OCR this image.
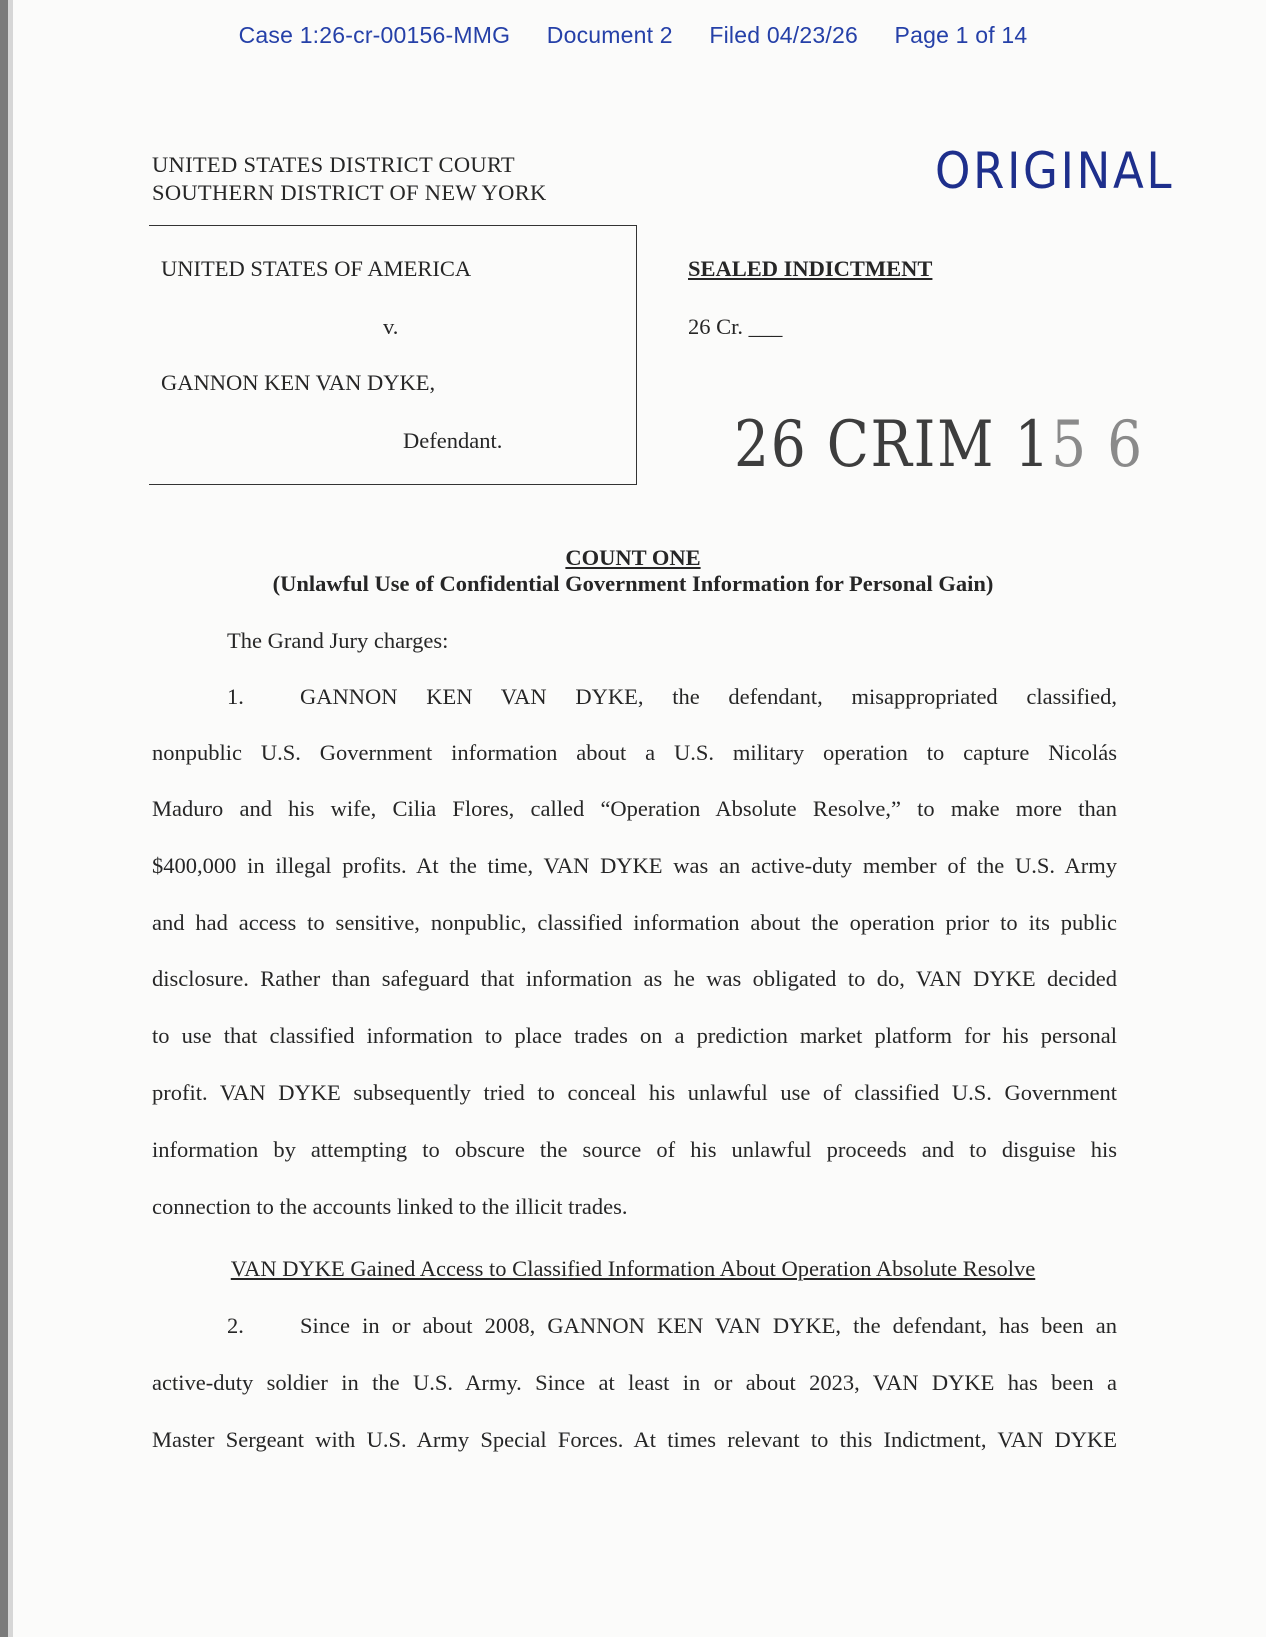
Case 1:26-cr-00156-MMG Document 2 Filed 04/23/26 Page 1 of 14
UNITED STATES DISTRICT COURT
SOUTHERN DISTRICT OF NEW YORK	ORIGINAL
UNITED STATES OF AMERICA
v.
GANNON KEN VAN DYKE,
Defendant.
SEALED INDICTMENT
26 Cr. ___
26 CRIM 15 6
COUNT ONE
(Unlawful Use of Confidential Government Information for Personal Gain)
The Grand Jury charges:
1. GANNON KEN VAN DYKE, the defendant, misappropriated classified,
nonpublic U.S. Government information about a U.S. military operation to capture Nicolás
Maduro and his wife, Cilia Flores, called “Operation Absolute Resolve,” to make more than
$400,000 in illegal profits. At the time, VAN DYKE was an active-duty member of the U.S. Army
and had access to sensitive, nonpublic, classified information about the operation prior to its public
disclosure. Rather than safeguard that information as he was obligated to do, VAN DYKE decided
to use that classified information to place trades on a prediction market platform for his personal
profit. VAN DYKE subsequently tried to conceal his unlawful use of classified U.S. Government
information by attempting to obscure the source of his unlawful proceeds and to disguise his
connection to the accounts linked to the illicit trades.
VAN DYKE Gained Access to Classified Information About Operation Absolute Resolve
2. Since in or about 2008, GANNON KEN VAN DYKE, the defendant, has been an
active-duty soldier in the U.S. Army. Since at least in or about 2023, VAN DYKE has been a
Master Sergeant with U.S. Army Special Forces. At times relevant to this Indictment, VAN DYKE
